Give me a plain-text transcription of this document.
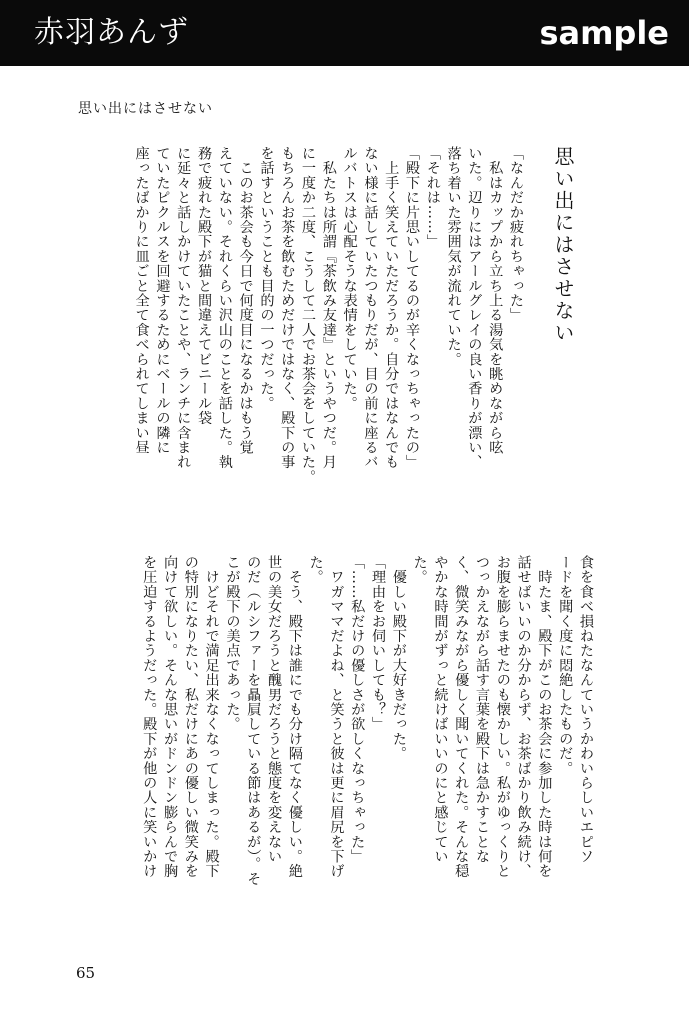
赤羽あんず	sample
思い出にはさせない
思い出にはさせない
「なんだか疲れちゃった」
　私はカップから立ち上る湯気を眺めながら呟
いた。辺りにはアールグレイの良い香りが漂い、
落ち着いた雰囲気が流れていた。
「それは……」
「殿下に片思いしてるのが辛くなっちゃったの」
　上手く笑えていただろうか。自分ではなんでも
ない様に話していたつもりだが、目の前に座るバ
ルバトスは心配そうな表情をしていた。
　私たちは所謂『茶飲み友達』というやつだ。月
に一度か二度、こうして二人でお茶会をしていた。
もちろんお茶を飲むためだけではなく、殿下の事
を話すということも目的の一つだった。
　このお茶会も今日で何度目になるかはもう覚
えていない。それくらい沢山のことを話した。執
務で疲れた殿下が猫と間違えてビニール袋
に延々と話しかけていたことや、ランチに含まれ
ていたピクルスを回避するためにベールの隣に
座ったばかりに皿ごと全て食べられてしまい昼
食を食べ損ねたなんていうかわいらしいエピソ
ードを聞く度に悶絶したものだ。
　時たま、殿下がこのお茶会に参加した時は何を
話せばいいのか分からず、お茶ばかり飲み続け、
お腹を膨らませたのも懐かしい。私がゆっくりと
つっかえながら話す言葉を殿下は急かすことな
く、微笑みながら優しく聞いてくれた。そんな穏
やかな時間がずっと続けばいいのにと感じてい
た。
　優しい殿下が大好きだった。
「理由をお伺いしても？」
「……私だけの優しさが欲しくなっちゃった」
　ワガママだよね、と笑うと彼は更に眉尻を下げ
た。
　そう、殿下は誰にでも分け隔てなく優しい。絶
世の美女だろうと醜男だろうと態度を変えない
のだ（ルシファーを贔屓している節はあるが）。そ
こが殿下の美点であった。
　けどそれで満足出来なくなってしまった。殿下
の特別になりたい、私だけにあの優しい微笑みを
向けて欲しい。そんな思いがドンドン膨らんで胸
を圧迫するようだった。殿下が他の人に笑いかけ
65
